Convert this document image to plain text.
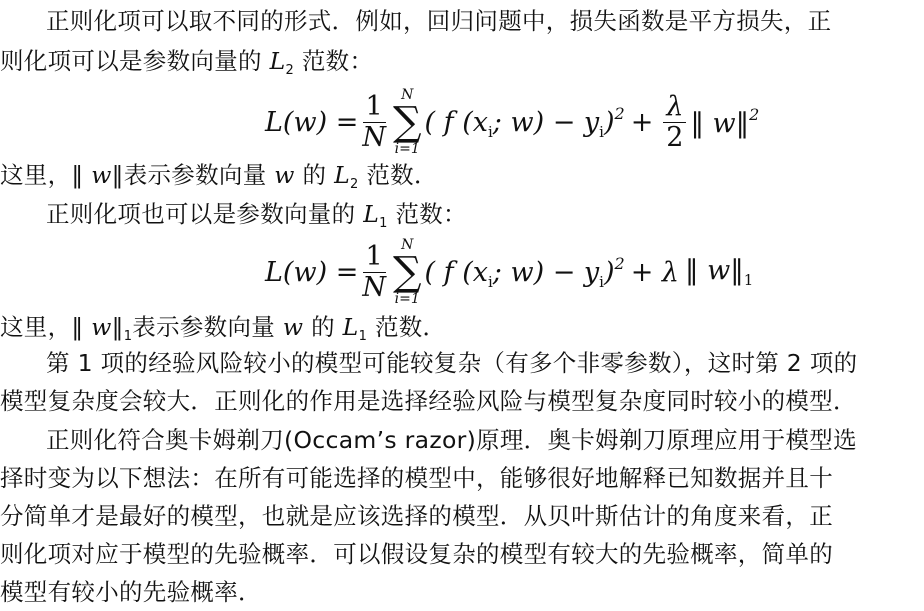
正则化项可以取不同的形式．例如，回归问题中，损失函数是平方损失，正
则化项可以是参数向量的 $L_2$ 范数：
$L(w) = \frac{1}{N}$ N
∑
i=1
( f ($x_i$; $w) - y_i)^2 + \frac{\lambda}{2}$ ‖ w‖$^2$
这里，‖ w‖表示参数向量 w 的 $L_2$ 范数．
正则化项也可以是参数向量的 $L_1$ 范数：
$L(w) = \frac{1}{N}$ N
∑
i=1
( f ($x_i$; $w) - y_i)^2 + \lambda$ ‖ $w‖_1$
这里，‖ $w‖_1$表示参数向量 w 的 $L_1$ 范数．
第 1 项的经验风险较小的模型可能较复杂（有多个非零参数），这时第 2 项的
模型复杂度会较大．正则化的作用是选择经验风险与模型复杂度同时较小的模型．
正则化符合奥卡姆剃刀(Occam’s razor)原理．奥卡姆剃刀原理应用于模型选
择时变为以下想法：在所有可能选择的模型中，能够很好地解释已知数据并且十
分简单才是最好的模型，也就是应该选择的模型．从贝叶斯估计的角度来看，正
则化项对应于模型的先验概率．可以假设复杂的模型有较大的先验概率，简单的
模型有较小的先验概率．
